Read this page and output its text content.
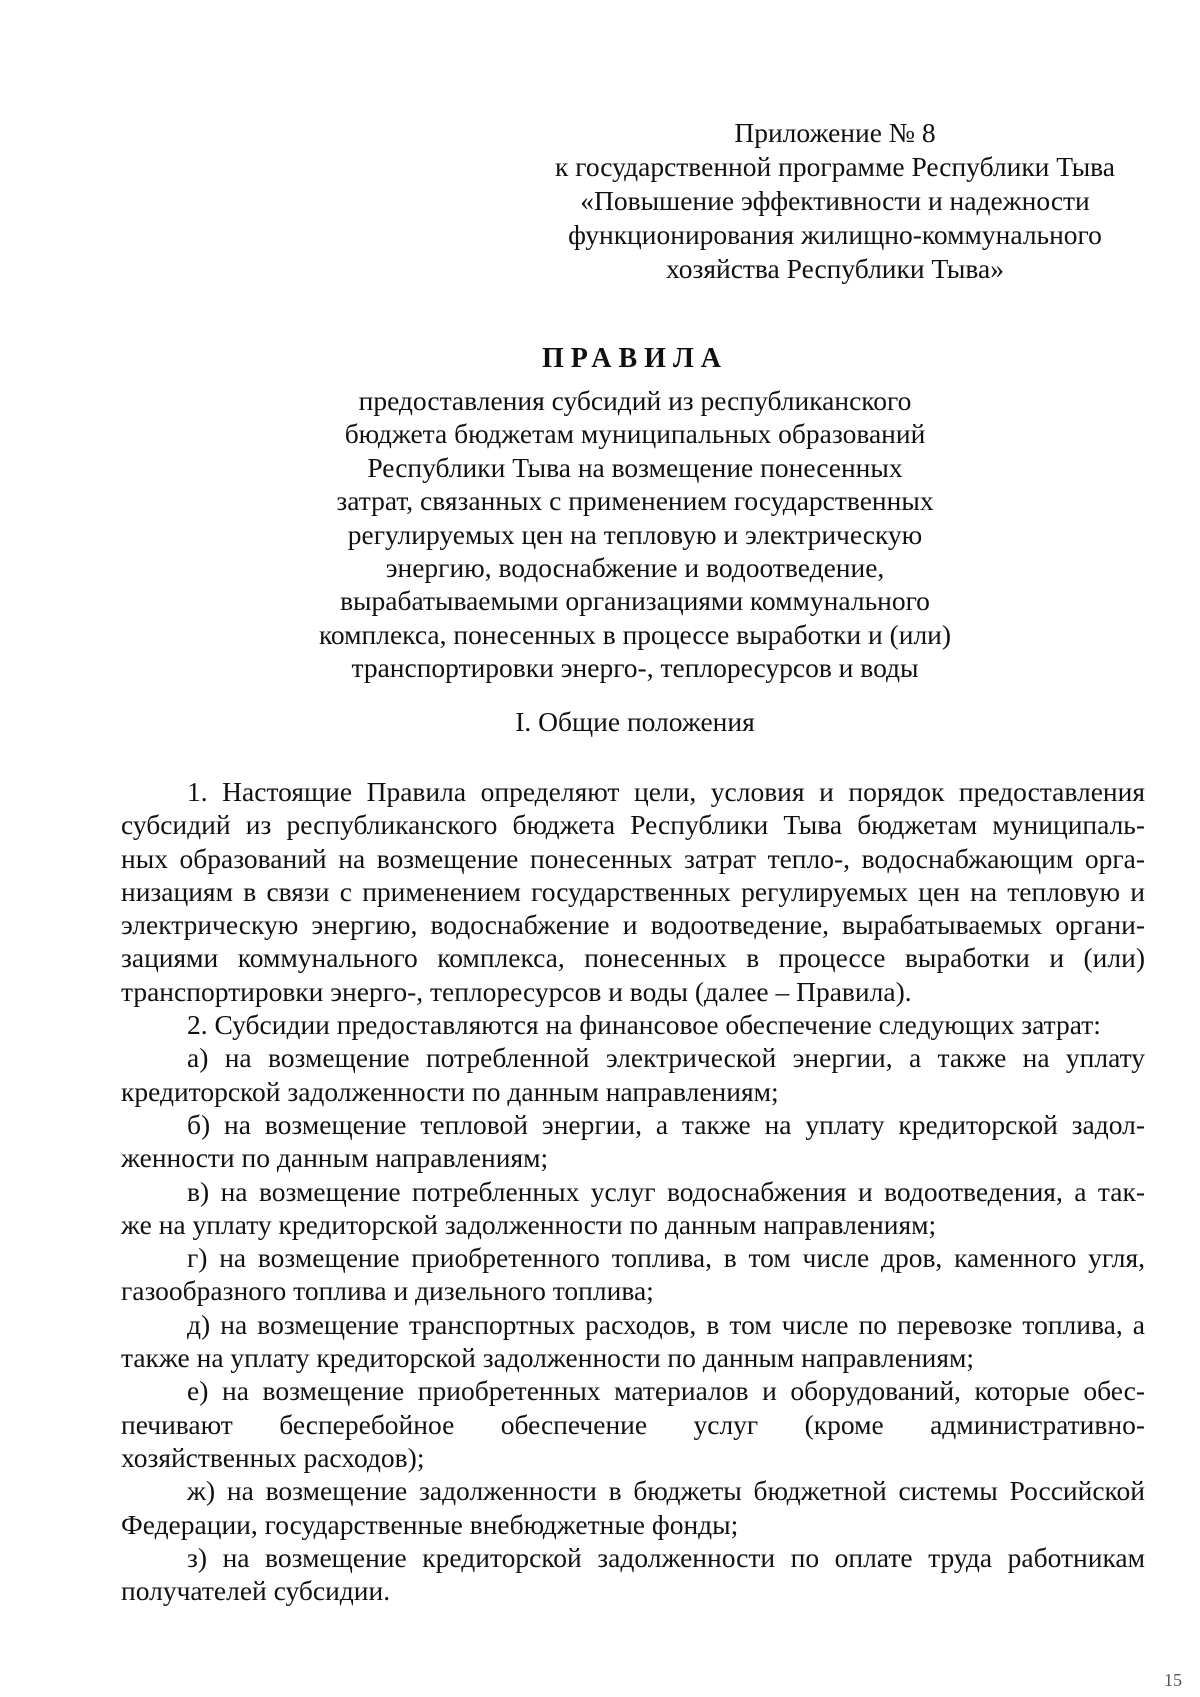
Приложение № 8
к государственной программе Республики Тыва
«Повышение эффективности и надежности
функционирования жилищно-коммунального
хозяйства Республики Тыва»
ПРАВИЛА
предоставления субсидий из республиканского
бюджета бюджетам муниципальных образований
Республики Тыва на возмещение понесенных
затрат, связанных с применением государственных
регулируемых цен на тепловую и электрическую
энергию, водоснабжение и водоотведение,
вырабатываемыми организациями коммунального
комплекса, понесенных в процессе выработки и (или)
транспортировки энерго-, теплоресурсов и воды
I. Общие положения
1. Настоящие Правила определяют цели, условия и порядок предоставления
субсидий из республиканского бюджета Республики Тыва бюджетам муниципаль-
ных образований на возмещение понесенных затрат тепло-, водоснабжающим орга-
низациям в связи с применением государственных регулируемых цен на тепловую и
электрическую энергию, водоснабжение и водоотведение, вырабатываемых органи-
зациями коммунального комплекса, понесенных в процессе выработки и (или)
транспортировки энерго-, теплоресурсов и воды (далее – Правила).
2. Субсидии предоставляются на финансовое обеспечение следующих затрат:
а) на возмещение потребленной электрической энергии, а также на уплату
кредиторской задолженности по данным направлениям;
б) на возмещение тепловой энергии, а также на уплату кредиторской задол-
женности по данным направлениям;
в) на возмещение потребленных услуг водоснабжения и водоотведения, а так-
же на уплату кредиторской задолженности по данным направлениям;
г) на возмещение приобретенного топлива, в том числе дров, каменного угля,
газообразного топлива и дизельного топлива;
д) на возмещение транспортных расходов, в том числе по перевозке топлива, а
также на уплату кредиторской задолженности по данным направлениям;
е) на возмещение приобретенных материалов и оборудований, которые обес-
печивают бесперебойное обеспечение услуг (кроме административно-
хозяйственных расходов);
ж) на возмещение задолженности в бюджеты бюджетной системы Российской
Федерации, государственные внебюджетные фонды;
з) на возмещение кредиторской задолженности по оплате труда работникам
получателей субсидии.
15
